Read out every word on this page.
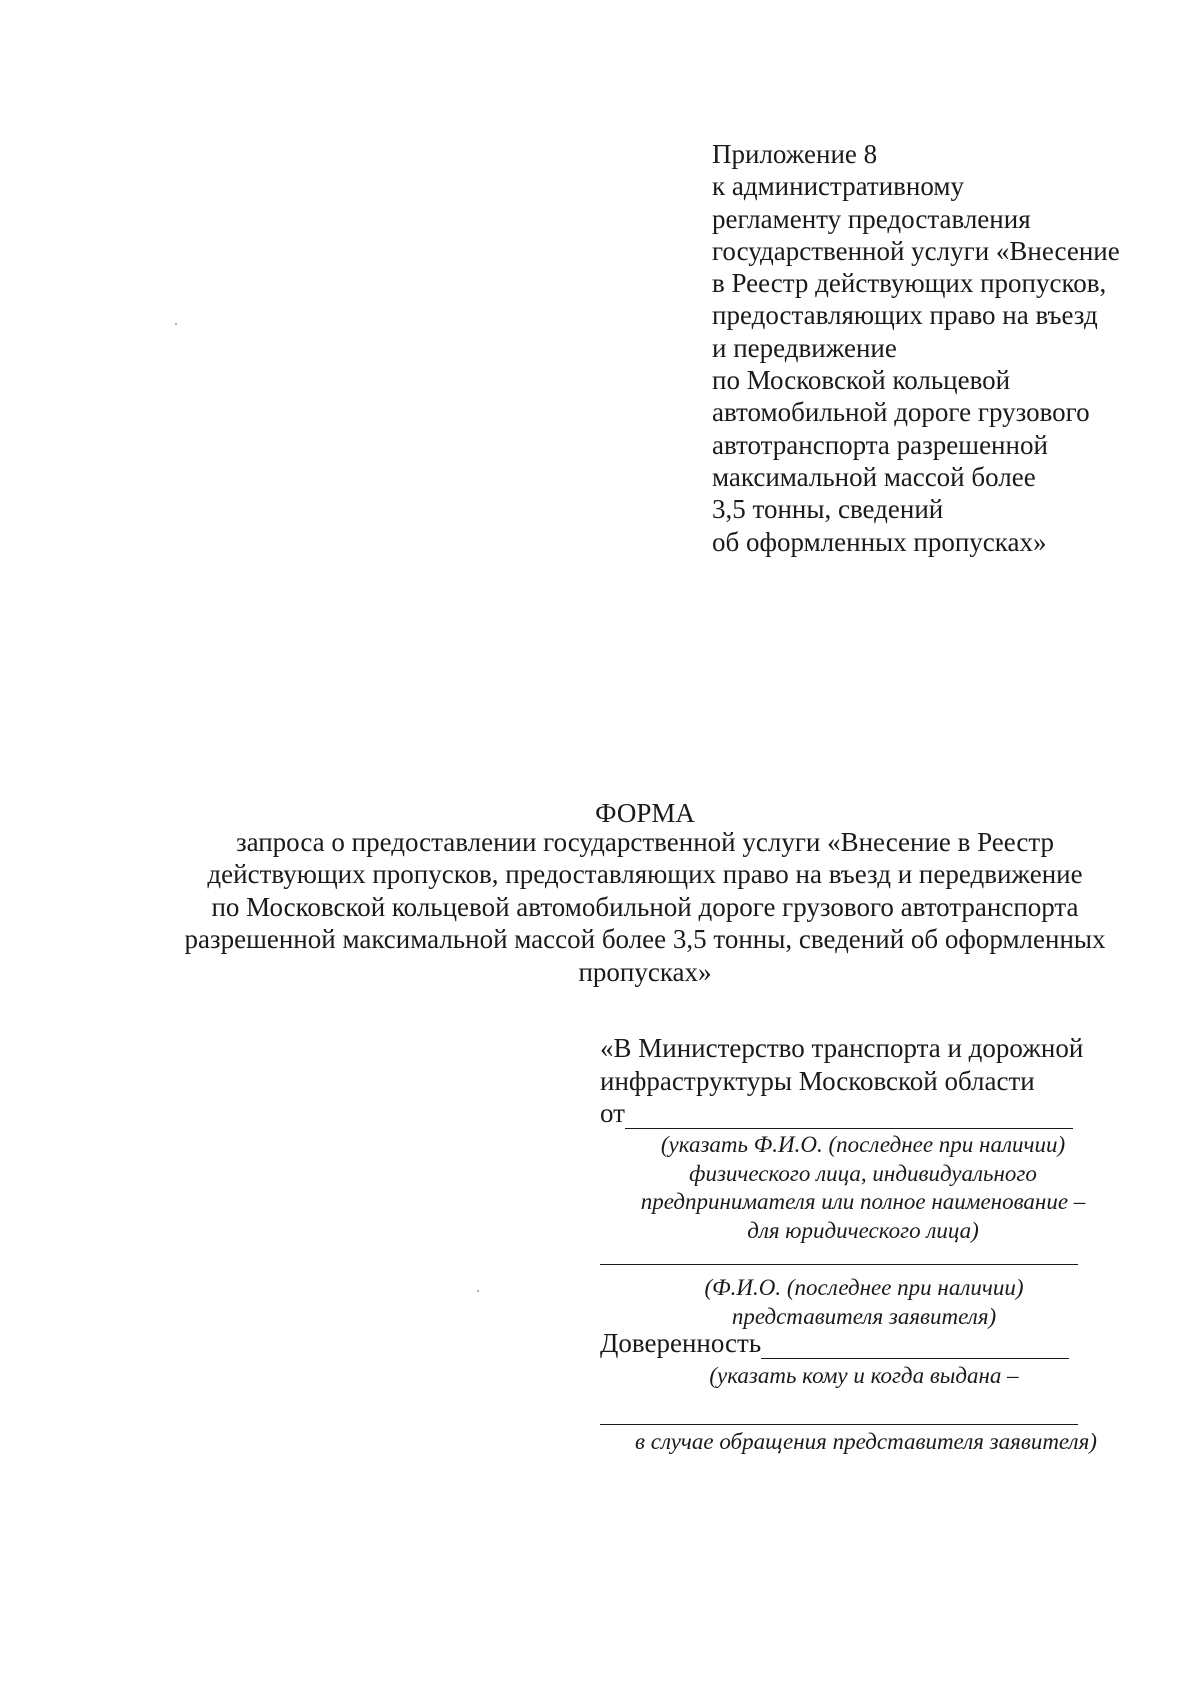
Приложение 8
к административному
регламенту предоставления
государственной услуги «Внесение
в Реестр действующих пропусков,
предоставляющих право на въезд
и передвижение
по Московской кольцевой
автомобильной дороге грузового
автотранспорта разрешенной
максимальной массой более
3,5 тонны, сведений
об оформленных пропусках»
ФОРМА
запроса о предоставлении государственной услуги «Внесение в Реестр
действующих пропусков, предоставляющих право на въезд и передвижение
по Московской кольцевой автомобильной дороге грузового автотранспорта
разрешенной максимальной массой более 3,5 тонны, сведений об оформленных
пропусках»
«В Министерство транспорта и дорожной
инфраструктуры Московской области
от
(указать Ф.И.О. (последнее при наличии)
физического лица, индивидуального
предпринимателя или полное наименование –
для юридического лица)
(Ф.И.О. (последнее при наличии)
представителя заявителя)
Доверенность
(указать кому и когда выдана –
в случае обращения представителя заявителя)
